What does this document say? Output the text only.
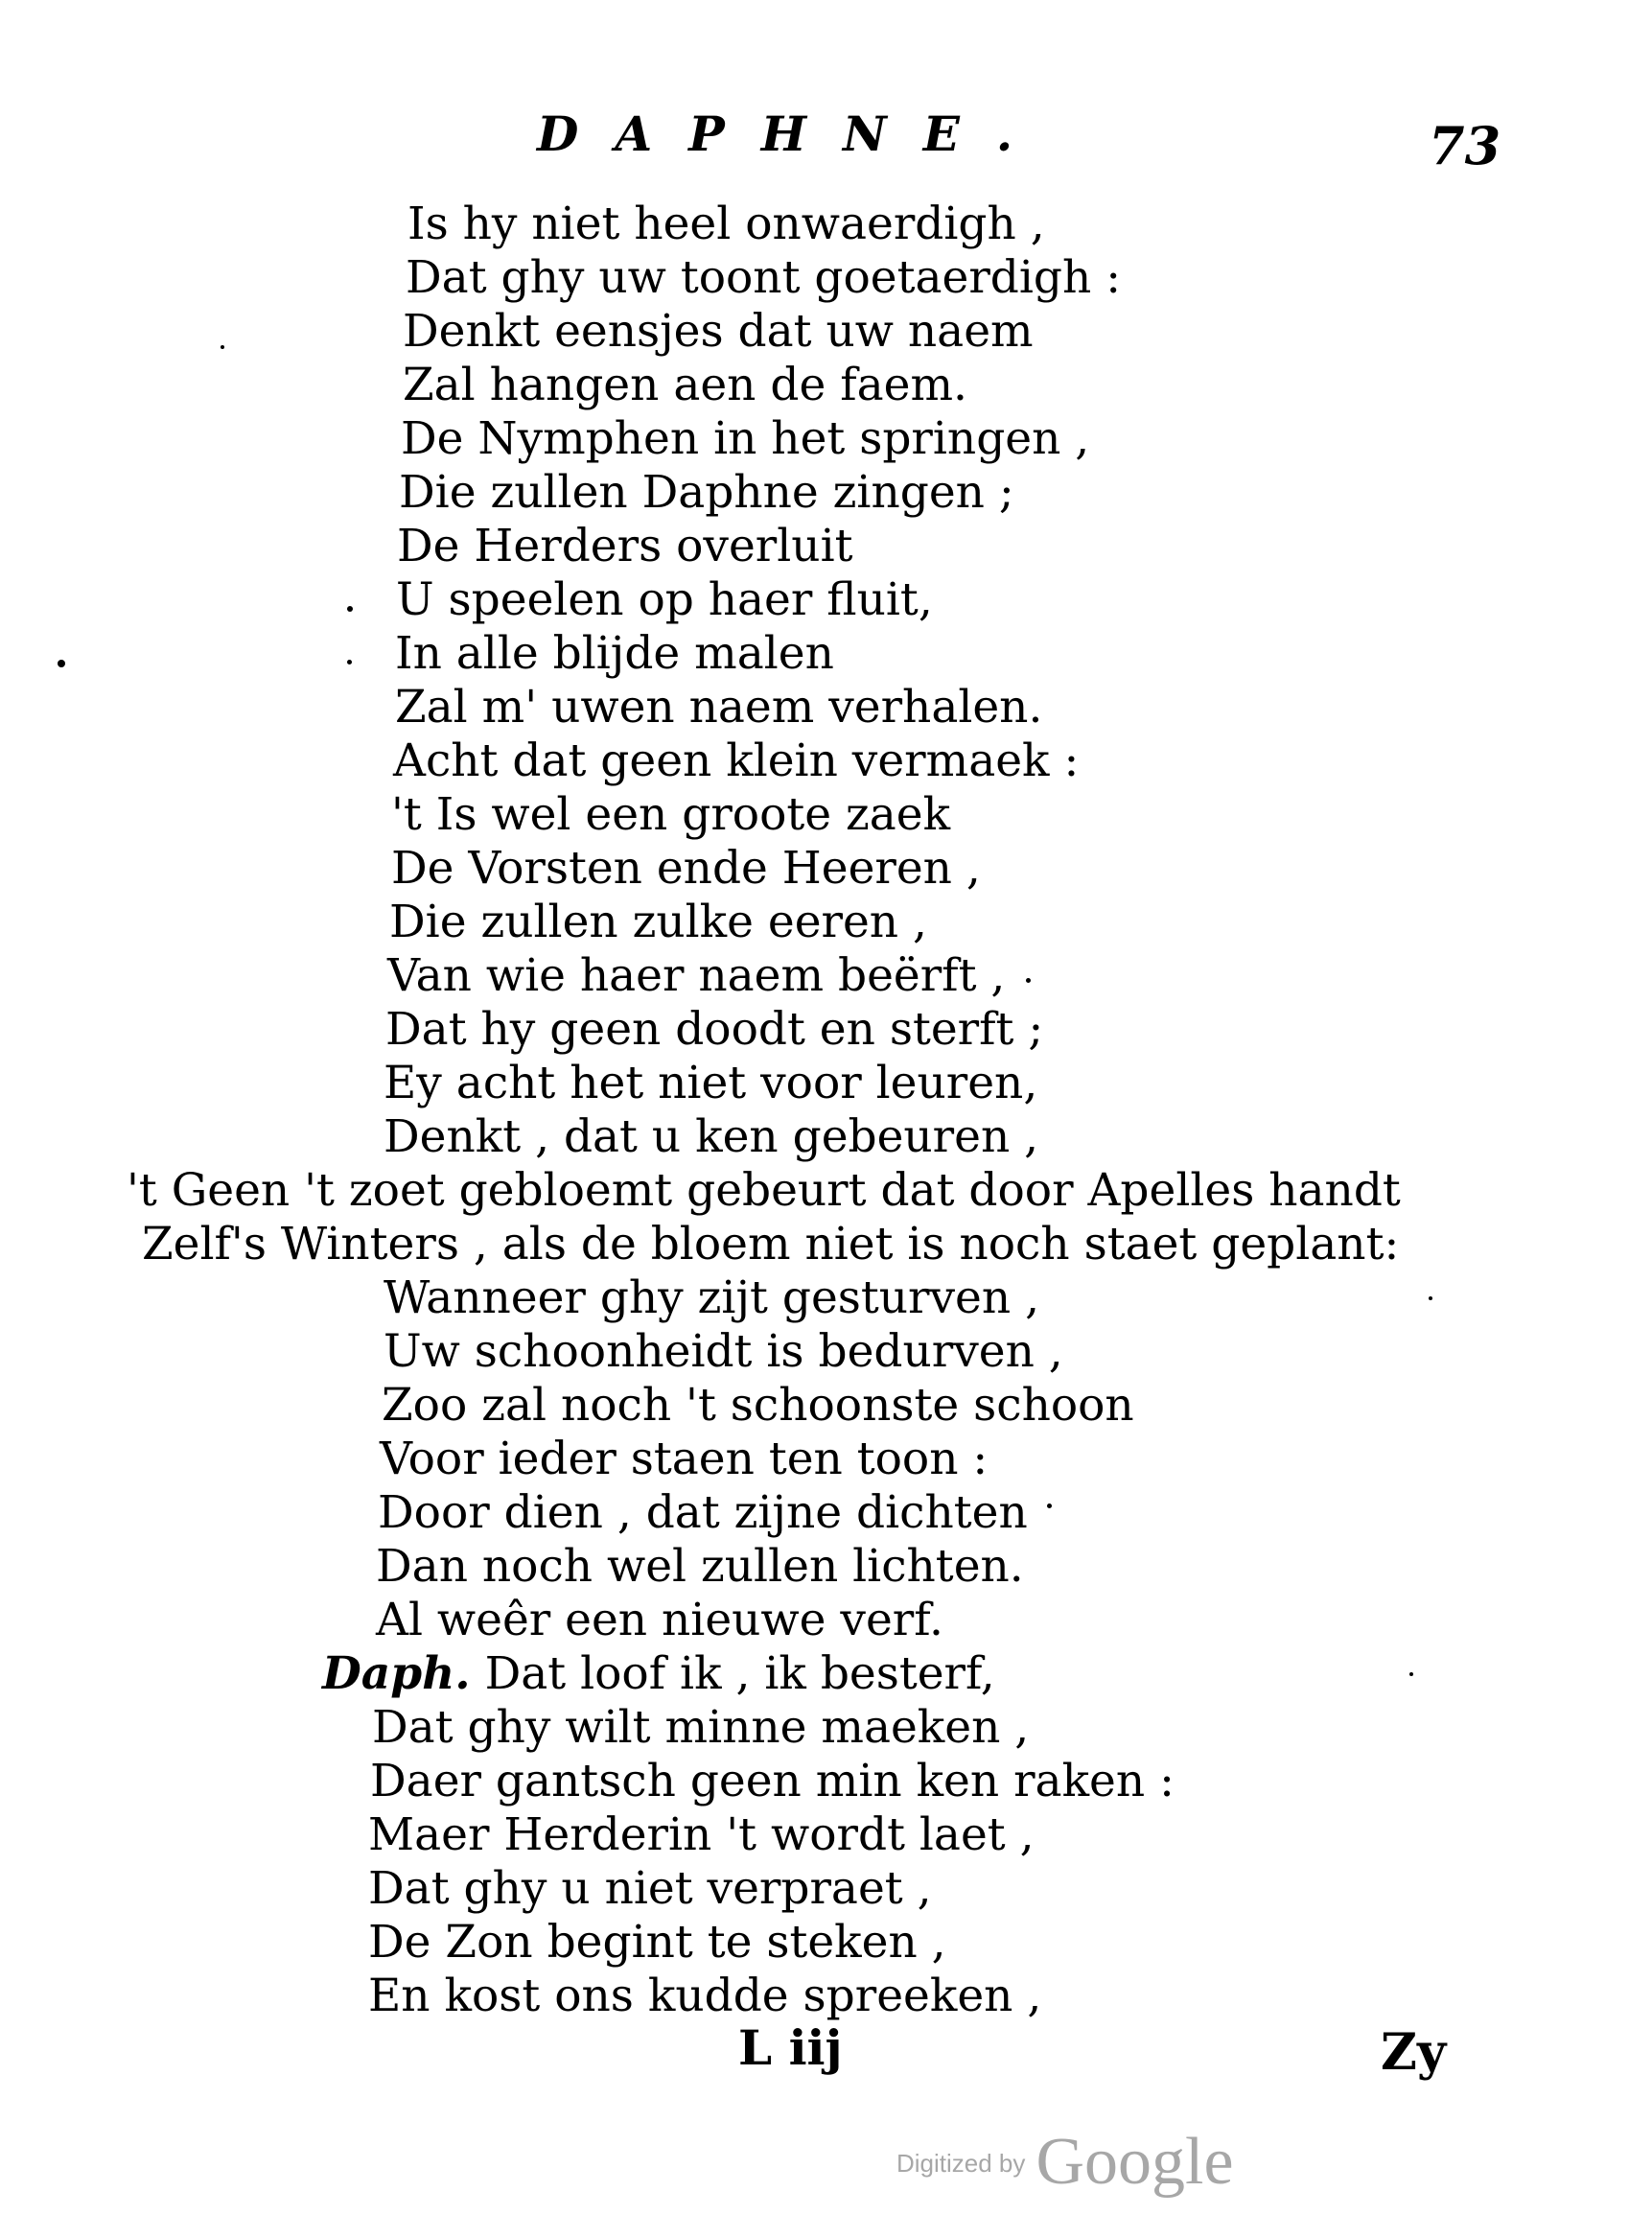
DAPHNE.	73
Is hy niet heel onwaerdigh ,
Dat ghy uw toont goetaerdigh :
Denkt eensjes dat uw naem
Zal hangen aen de faem.
De Nymphen in het springen ,
Die zullen Daphne zingen ;
De Herders overluit
U speelen op haer fluit,
In alle blijde malen
Zal m' uwen naem verhalen.
Acht dat geen klein vermaek :
't Is wel een groote zaek
De Vorsten ende Heeren ,
Die zullen zulke eeren ,
Van wie haer naem beërft ,
Dat hy geen doodt en sterft ;
Ey acht het niet voor leuren,
Denkt , dat u ken gebeuren ,
't Geen 't zoet gebloemt gebeurt dat door Apelles handt
Zelf's Winters , als de bloem niet is noch staet geplant:
Wanneer ghy zijt gesturven ,
Uw schoonheidt is bedurven ,
Zoo zal noch 't schoonste schoon
Voor ieder staen ten toon :
Door dien , dat zijne dichten
Dan noch wel zullen lichten.
Al weêr een nieuwe verf.
Daph. Dat loof ik , ik besterf,
Dat ghy wilt minne maeken ,
Daer gantsch geen min ken raken :
Maer Herderin 't wordt laet ,
Dat ghy u niet verpraet ,
De Zon begint te steken ,
En kost ons kudde spreeken ,
L iij	Zy
Digitized by Google
